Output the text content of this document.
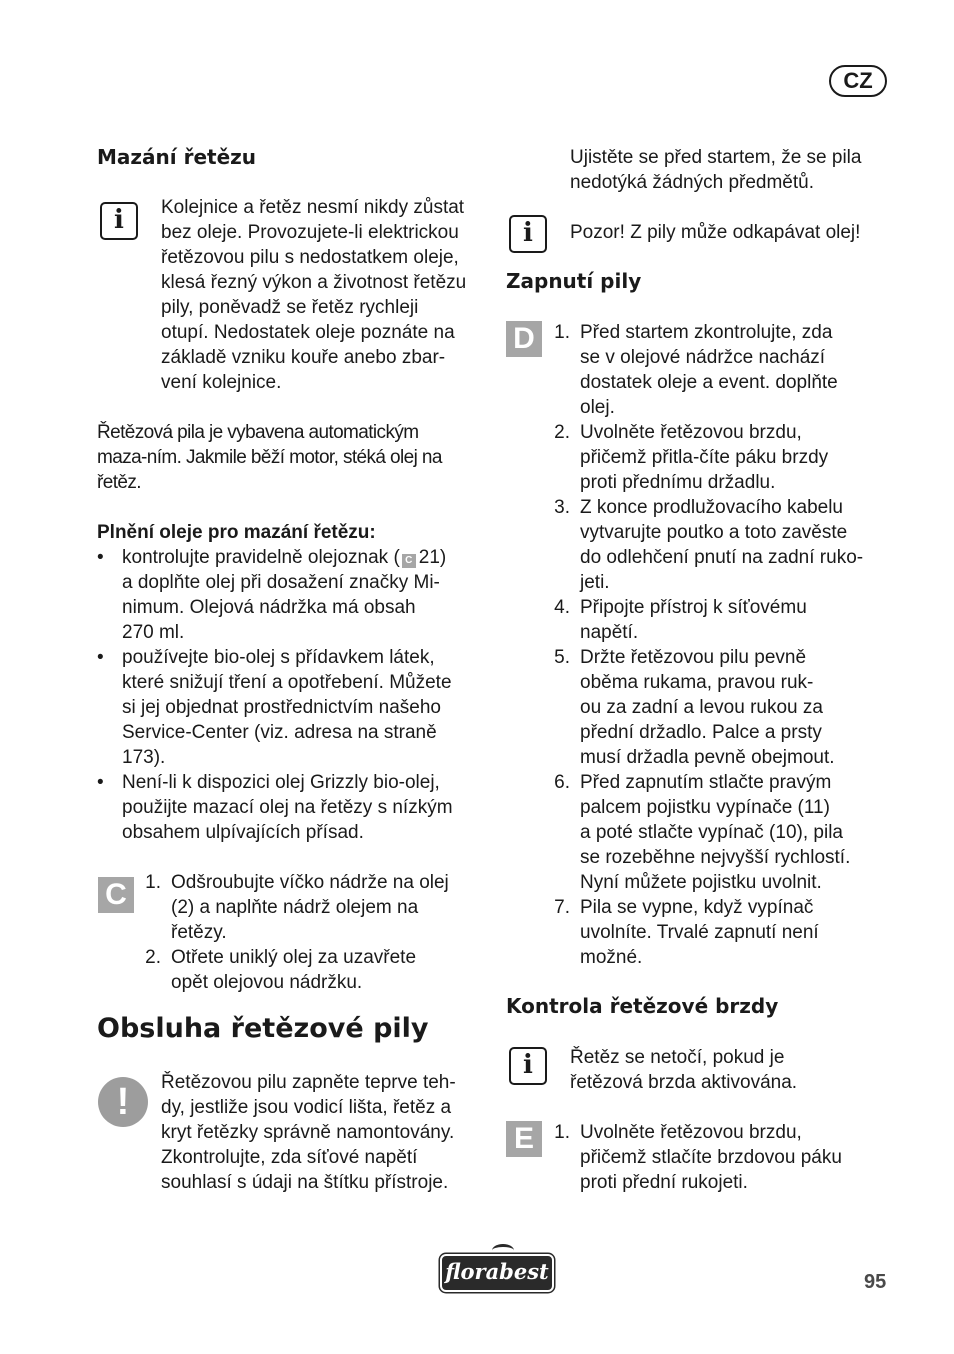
CZ
Mazání řetězu
i	Kolejnice a řetěz nesmí nikdy zůstat
bez oleje. Provozujete-li elektrickou
řetězovou pilu s nedostatkem oleje,
klesá řezný výkon a životnost řetězu
pily, poněvadž se řetěz rychleji
otupí. Nedostatek oleje poznáte na
základě vzniku kouře anebo zbar-
vení kolejnice.
Řetězová pila je vybavena automatickým
maza-ním. Jakmile běží motor, stéká olej na
řetěz.
Plnění oleje pro mazání řetězu:
• kontrolujte pravidelně olejoznak ( C 21)
a doplňte olej při dosažení značky Mi-
nimum. Olejová nádržka má obsah
270 ml.
• používejte bio-olej s přídavkem látek,
které snižují tření a opotřebení. Můžete
si jej objednat prostřednictvím našeho
Service-Center (viz. adresa na straně
173).
• Není-li k dispozici olej Grizzly bio-olej,
použijte mazací olej na řetězy s nízkým
obsahem ulpívajících přísad.
C 1. Odšroubujte víčko nádrže na olej
(2) a naplňte nádrž olejem na
řetězy.
2. Otřete uniklý olej za uzavřete
opět olejovou nádržku.
Obsluha řetězové pily
!	Řetězovou pilu zapněte teprve teh-
dy, jestliže jsou vodicí lišta, řetěz a
kryt řetězky správně namontovány.
Zkontrolujte, zda síťové napětí
souhlasí s údaji na štítku přístroje.
Ujistěte se před startem, že se pila
nedotýká žádných předmětů.
i	Pozor! Z pily může odkapávat olej!
Zapnutí pily
D	1. Před startem zkontrolujte, zda
se v olejové nádržce nachází
dostatek oleje a event. doplňte
olej.
2. Uvolněte řetězovou brzdu,
přičemž přitla-číte páku brzdy
proti přednímu držadlu.
3. Z konce prodlužovacího kabelu
vytvarujte poutko a toto zavěste
do odlehčení pnutí na zadní ruko-
jeti.
4. Připojte přístroj k síťovému
napětí.
5. Držte řetězovou pilu pevně
oběma rukama, pravou ruk-
ou za zadní a levou rukou za
přední držadlo. Palce a prsty
musí držadla pevně obejmout.
6. Před zapnutím stlačte pravým
palcem pojistku vypínače (11)
a poté stlačte vypínač (10), pila
se rozeběhne nejvyšší rychlostí.
Nyní můžete pojistku uvolnit.
7. Pila se vypne, když vypínač
uvolníte. Trvalé zapnutí není
možné.
Kontrola řetězové brzdy
i	Řetěz se netočí, pokud je
řetězová brzda aktivována.
E	1. Uvolněte řetězovou brzdu,
přičemž stlačíte brzdovou páku
proti přední rukojeti.
florabest	95
